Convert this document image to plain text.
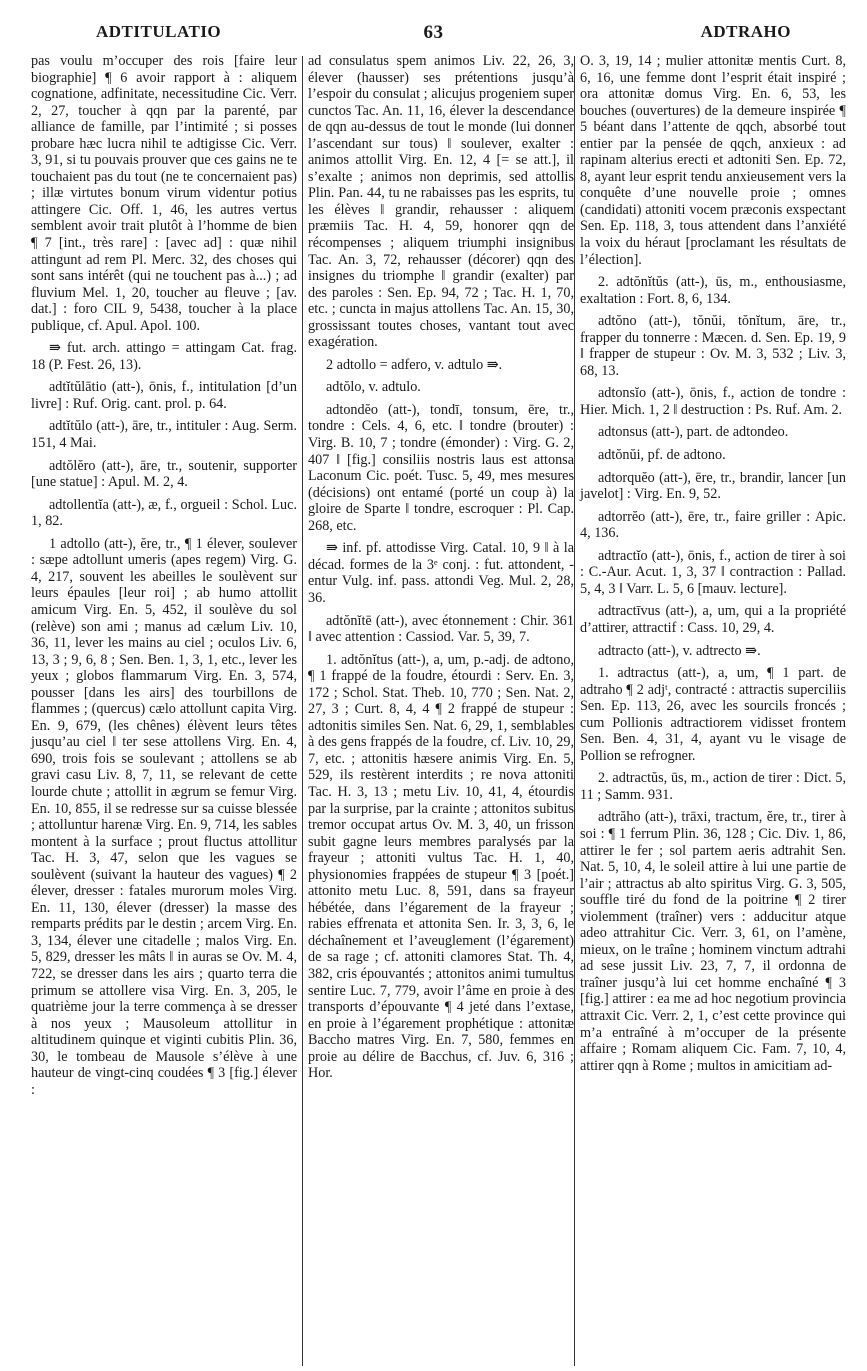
ADTITULATIO	63	ADTRAHO

pas voulu m’occuper des rois [faire leur biographie] ¶ 6 avoir rapport à : aliquem cognatione, adfinitate, necessitudine Cic. Verr. 2, 27, toucher à qqn par la parenté, par alliance de famille, par l’intimité ; si posses probare hæc lucra nihil te adtigisse Cic. Verr. 3, 91, si tu pouvais prouver que ces gains ne te touchaient pas du tout (ne te concernaient pas) ; illæ virtutes bonum virum videntur potius attingere Cic. Off. 1, 46, les autres vertus semblent avoir trait plutôt à l’homme de bien ¶ 7 [int., très rare] : [avec ad] : quæ nihil attingunt ad rem Pl. Merc. 32, des choses qui sont sans intérêt (qui ne touchent pas à...) ; ad fluvium Mel. 1, 20, toucher au fleuve ; [av. dat.] : foro CIL 9, 5438, toucher à la place publique, cf. Apul. Apol. 100.

⇛ fut. arch. attingo = attingam Cat. frag. 18 (P. Fest. 26, 13).

adtĭtŭlātio (att-), ōnis, f., intitulation [d’un livre] : Ruf. Orig. cant. prol. p. 64.

adtĭtŭlo (att-), āre, tr., intituler : Aug. Serm. 151, 4 Mai.

adtŏlĕro (att-), āre, tr., soutenir, supporter [une statue] : Apul. M. 2, 4.

adtollentĭa (att-), æ, f., orgueil : Schol. Luc. 1, 82.

1 adtollo (att-), ĕre, tr., ¶ 1 élever, soulever : sæpe adtollunt umeris (apes regem) Virg. G. 4, 217, souvent les abeilles le soulèvent sur leurs épaules [leur roi] ; ab humo attollit amicum Virg. En. 5, 452, il soulève du sol (relève) son ami ; manus ad cælum Liv. 10, 36, 11, lever les mains au ciel ; oculos Liv. 6, 13, 3 ; 9, 6, 8 ; Sen. Ben. 1, 3, 1, etc., lever les yeux ; globos flammarum Virg. En. 3, 574, pousser [dans les airs] des tourbillons de flammes ; (quercus) cælo attollunt capita Virg. En. 9, 679, (les chênes) élèvent leurs têtes jusqu’au ciel ‖ ter sese attollens Virg. En. 4, 690, trois fois se soulevant ; attollens se ab gravi casu Liv. 8, 7, 11, se relevant de cette lourde chute ; attollit in ægrum se femur Virg. En. 10, 855, il se redresse sur sa cuisse blessée ; attolluntur harenæ Virg. En. 9, 714, les sables montent à la surface ; prout fluctus attollitur Tac. H. 3, 47, selon que les vagues se soulèvent (suivant la hauteur des vagues) ¶ 2 élever, dresser : fatales murorum moles Virg. En. 11, 130, élever (dresser) la masse des remparts prédits par le destin ; arcem Virg. En. 3, 134, élever une citadelle ; malos Virg. En. 5, 829, dresser les mâts ‖ in auras se Ov. M. 4, 722, se dresser dans les airs ; quarto terra die primum se attollere visa Virg. En. 3, 205, le quatrième jour la terre commença à se dresser à nos yeux ; Mausoleum attollitur in altitudinem quinque et viginti cubitis Plin. 36, 30, le tombeau de Mausole s’élève à une hauteur de vingt-cinq coudées ¶ 3 [fig.] élever :

ad consulatus spem animos Liv. 22, 26, 3, élever (hausser) ses prétentions jusqu’à l’espoir du consulat ; alicujus progeniem super cunctos Tac. An. 11, 16, élever la descendance de qqn au-dessus de tout le monde (lui donner l’ascendant sur tous) ‖ soulever, exalter : animos attollit Virg. En. 12, 4 [= se att.], il s’exalte ; animos non deprimis, sed attollis Plin. Pan. 44, tu ne rabaisses pas les esprits, tu les élèves ‖ grandir, rehausser : aliquem præmiis Tac. H. 4, 59, honorer qqn de récompenses ; aliquem triumphi insignibus Tac. An. 3, 72, rehausser (décorer) qqn des insignes du triomphe ‖ grandir (exalter) par des paroles : Sen. Ep. 94, 72 ; Tac. H. 1, 70, etc. ; cuncta in majus attollens Tac. An. 15, 30, grossissant toutes choses, vantant tout avec exagération.

2 adtollo = adfero, v. adtulo ⇛.

adtŏlo, v. adtulo.

adtondĕo (att-), tondī, tonsum, ēre, tr., tondre : Cels. 4, 6, etc. ‖ tondre (brouter) : Virg. B. 10, 7 ; tondre (émonder) : Virg. G. 2, 407 ‖ [fig.] consiliis nostris laus est attonsa Laconum Cic. poét. Tusc. 5, 49, mes mesures (décisions) ont entamé (porté un coup à) la gloire de Sparte ‖ tondre, escroquer : Pl. Cap. 268, etc.

⇛ inf. pf. attodisse Virg. Catal. 10, 9 ‖ à la décad. formes de la 3ᵉ conj. : fut. attondent, -entur Vulg. inf. pass. attondi Veg. Mul. 2, 28, 36.

adtŏnĭtē (att-), avec étonnement : Chir. 361 ‖ avec attention : Cassiod. Var. 5, 39, 7.

1. adtŏnĭtus (att-), a, um, p.-adj. de adtono, ¶ 1 frappé de la foudre, étourdi : Serv. En. 3, 172 ; Schol. Stat. Theb. 10, 770 ; Sen. Nat. 2, 27, 3 ; Curt. 8, 4, 4 ¶ 2 frappé de stupeur : adtonitis similes Sen. Nat. 6, 29, 1, semblables à des gens frappés de la foudre, cf. Liv. 10, 29, 7, etc. ; attonitis hæsere animis Virg. En. 5, 529, ils restèrent interdits ; re nova attoniti Tac. H. 3, 13 ; metu Liv. 10, 41, 4, étourdis par la surprise, par la crainte ; attonitos subitus tremor occupat artus Ov. M. 3, 40, un frisson subit gagne leurs membres paralysés par la frayeur ; attoniti vultus Tac. H. 1, 40, physionomies frappées de stupeur ¶ 3 [poét.] attonito metu Luc. 8, 591, dans sa frayeur hébétée, dans l’égarement de la frayeur ; rabies effrenata et attonita Sen. Ir. 3, 3, 6, le déchaînement et l’aveuglement (l’égarement) de sa rage ; cf. attoniti clamores Stat. Th. 4, 382, cris épouvantés ; attonitos animi tumultus sentire Luc. 7, 779, avoir l’âme en proie à des transports d’épouvante ¶ 4 jeté dans l’extase, en proie à l’égarement prophétique : attonitæ Baccho matres Virg. En. 7, 580, femmes en proie au délire de Bacchus, cf. Juv. 6, 316 ; Hor.

O. 3, 19, 14 ; mulier attonitæ mentis Curt. 8, 6, 16, une femme dont l’esprit était inspiré ; ora attonitæ domus Virg. En. 6, 53, les bouches (ouvertures) de la demeure inspirée ¶ 5 béant dans l’attente de qqch, absorbé tout entier par la pensée de qqch, anxieux : ad rapinam alterius erecti et adtoniti Sen. Ep. 72, 8, ayant leur esprit tendu anxieusement vers la conquête d’une nouvelle proie ; omnes (candidati) attoniti vocem præconis exspectant Sen. Ep. 118, 3, tous attendent dans l’anxiété la voix du héraut [proclamant les résultats de l’élection].

2. adtŏnĭtŭs (att-), ūs, m., enthousiasme, exaltation : Fort. 8, 6, 134.

adtŏno (att-), tŏnŭi, tŏnĭtum, āre, tr., frapper du tonnerre : Mæcen. d. Sen. Ep. 19, 9 ‖ frapper de stupeur : Ov. M. 3, 532 ; Liv. 3, 68, 13.

adtonsĭo (att-), ōnis, f., action de tondre : Hier. Mich. 1, 2 ‖ destruction : Ps. Ruf. Am. 2.

adtonsus (att-), part. de adtondeo.

adtŏnŭi, pf. de adtono.

adtorquĕo (att-), ēre, tr., brandir, lancer [un javelot] : Virg. En. 9, 52.

adtorrĕo (att-), ēre, tr., faire griller : Apic. 4, 136.

adtractĭo (att-), ōnis, f., action de tirer à soi : C.-Aur. Acut. 1, 3, 37 ‖ contraction : Pallad. 5, 4, 3 ‖ Varr. L. 5, 6 [mauv. lecture].

adtractīvus (att-), a, um, qui a la propriété d’attirer, attractif : Cass. 10, 29, 4.

adtracto (att-), v. adtrecto ⇛.

1. adtractus (att-), a, um, ¶ 1 part. de adtraho ¶ 2 adjᵗ, contracté : attractis superciliis Sen. Ep. 113, 26, avec les sourcils froncés ; cum Pollionis adtractiorem vidisset frontem Sen. Ben. 4, 31, 4, ayant vu le visage de Pollion se refrogner.

2. adtractŭs, ūs, m., action de tirer : Dict. 5, 11 ; Samm. 931.

adtrăho (att-), trāxi, tractum, ĕre, tr., tirer à soi : ¶ 1 ferrum Plin. 36, 128 ; Cic. Div. 1, 86, attirer le fer ; sol partem aeris adtrahit Sen. Nat. 5, 10, 4, le soleil attire à lui une partie de l’air ; attractus ab alto spiritus Virg. G. 3, 505, souffle tiré du fond de la poitrine ¶ 2 tirer violemment (traîner) vers : adducitur atque adeo attrahitur Cic. Verr. 3, 61, on l’amène, mieux, on le traîne ; hominem vinctum adtrahi ad sese jussit Liv. 23, 7, 7, il ordonna de traîner jusqu’à lui cet homme enchaîné ¶ 3 [fig.] attirer : ea me ad hoc negotium provincia attraxit Cic. Verr. 2, 1, c’est cette province qui m’a entraîné à m’occuper de la présente affaire ; Romam aliquem Cic. Fam. 7, 10, 4, attirer qqn à Rome ; multos in amicitiam ad-
